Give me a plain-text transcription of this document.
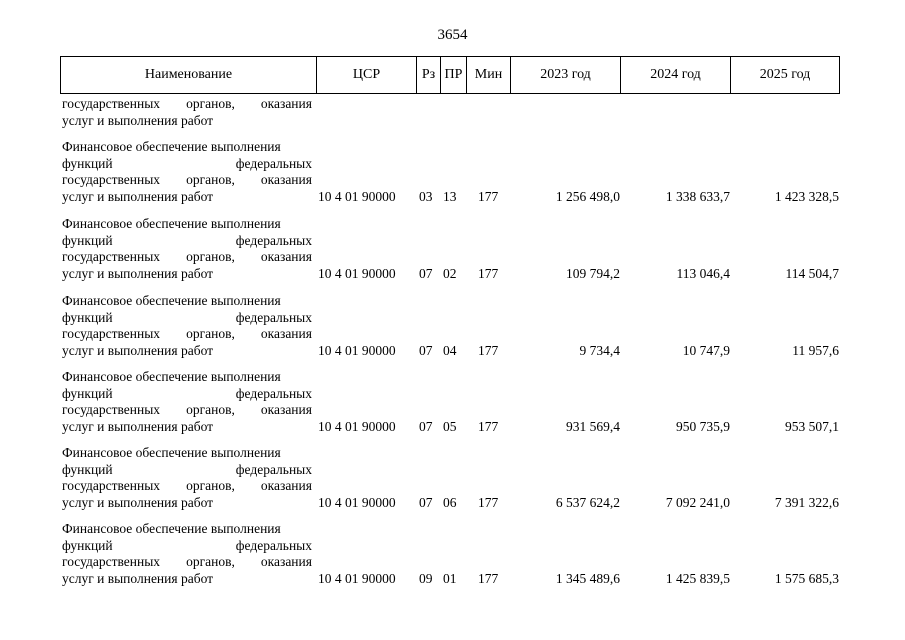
3654
Наименование	ЦСР	Рз	ПР	Мин	2023 год	2024 год	2025 год
государственных органов, оказания
услуг и выполнения работ
Финансовое обеспечение выполнения
функций	федеральных
государственных органов, оказания
услуг и выполнения работ	10 4 01 90000 03 13 177	1 256 498,0	1 338 633,7	1 423 328,5
Финансовое обеспечение выполнения
функций	федеральных
государственных органов, оказания
услуг и выполнения работ	10 4 01 90000 07 02 177	109 794,2	113 046,4	114 504,7
Финансовое обеспечение выполнения
функций	федеральных
государственных органов, оказания
услуг и выполнения работ	10 4 01 90000 07 04 177	9 734,4	10 747,9	11 957,6
Финансовое обеспечение выполнения
функций	федеральных
государственных органов, оказания
услуг и выполнения работ	10 4 01 90000 07 05 177	931 569,4	950 735,9	953 507,1
Финансовое обеспечение выполнения
функций	федеральных
государственных органов, оказания
услуг и выполнения работ	10 4 01 90000 07 06 177	6 537 624,2	7 092 241,0	7 391 322,6
Финансовое обеспечение выполнения
функций	федеральных
государственных органов, оказания
услуг и выполнения работ	10 4 01 90000 09 01 177	1 345 489,6	1 425 839,5	1 575 685,3
